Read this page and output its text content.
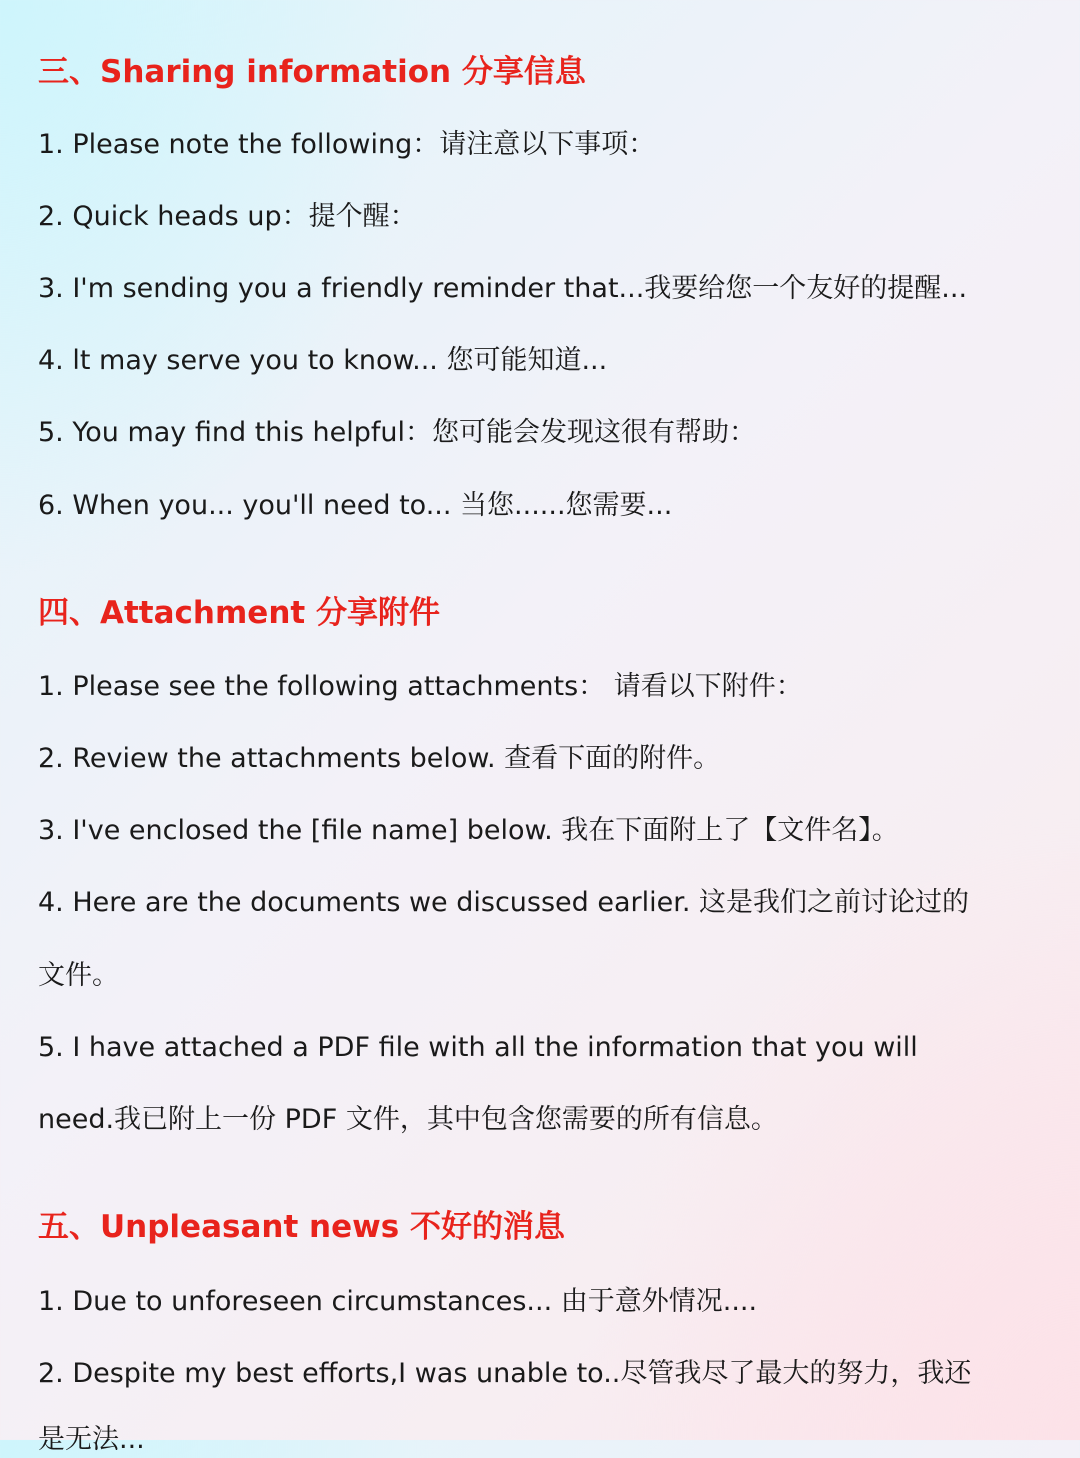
三、Sharing information 分享信息

1. Please note the following：请注意以下事项：

2. Quick heads up：提个醒：

3. I'm sending you a friendly reminder that...我要给您一个友好的提醒...

4. lt may serve you to know... 您可能知道...

5. You may find this helpful：您可能会发现这很有帮助：

6. When you... you'll need to... 当您......您需要...

四、Attachment 分享附件

1. Please see the following attachments： 请看以下附件：

2. Review the attachments below. 查看下面的附件。

3. I've enclosed the [file name] below. 我在下面附上了【文件名】。

4. Here are the documents we discussed earlier. 这是我们之前讨论过的

文件。

5. I have attached a PDF file with all the information that you will

need.我已附上一份 PDF 文件，其中包含您需要的所有信息。

五、Unpleasant news 不好的消息

1. Due to unforeseen circumstances... 由于意外情况....

2. Despite my best efforts,I was unable to..尽管我尽了最大的努力，我还

是无法...
